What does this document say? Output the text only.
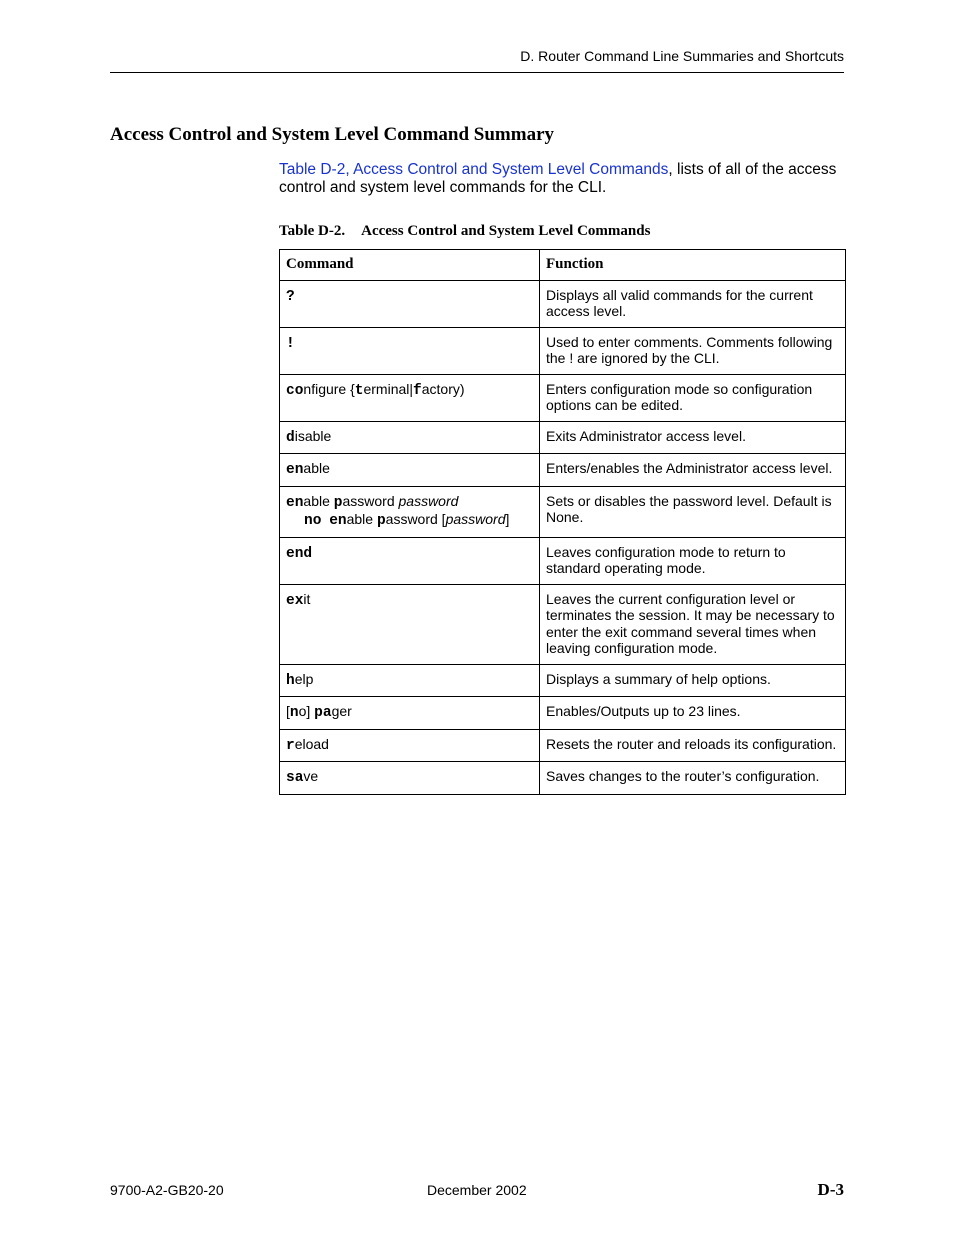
D. Router Command Line Summaries and Shortcuts
Access Control and System Level Command Summary
Table D-2, Access Control and System Level Commands, lists of all of the access control and system level commands for the CLI.
Table D-2. Access Control and System Level Commands
Command	Function
?	Displays all valid commands for the current access level.
!	Used to enter comments. Comments following the ! are ignored by the CLI.
configure {terminal|factory)	Enters configuration mode so configuration options can be edited.
disable	Exits Administrator access level.
enable	Enters/enables the Administrator access level.

enable password password
no enable password [password]	Sets or disables the password level. Default is None.
end	Leaves configuration mode to return to standard operating mode.
exit	Leaves the current configuration level or terminates the session. It may be necessary to enter the exit command several times when leaving configuration mode.
help	Displays a summary of help options.
[no] pager	Enables/Outputs up to 23 lines.
reload	Resets the router and reloads its configuration.
save	Saves changes to the router’s configuration.
9700-A2-GB20-20	December 2002	D-3
